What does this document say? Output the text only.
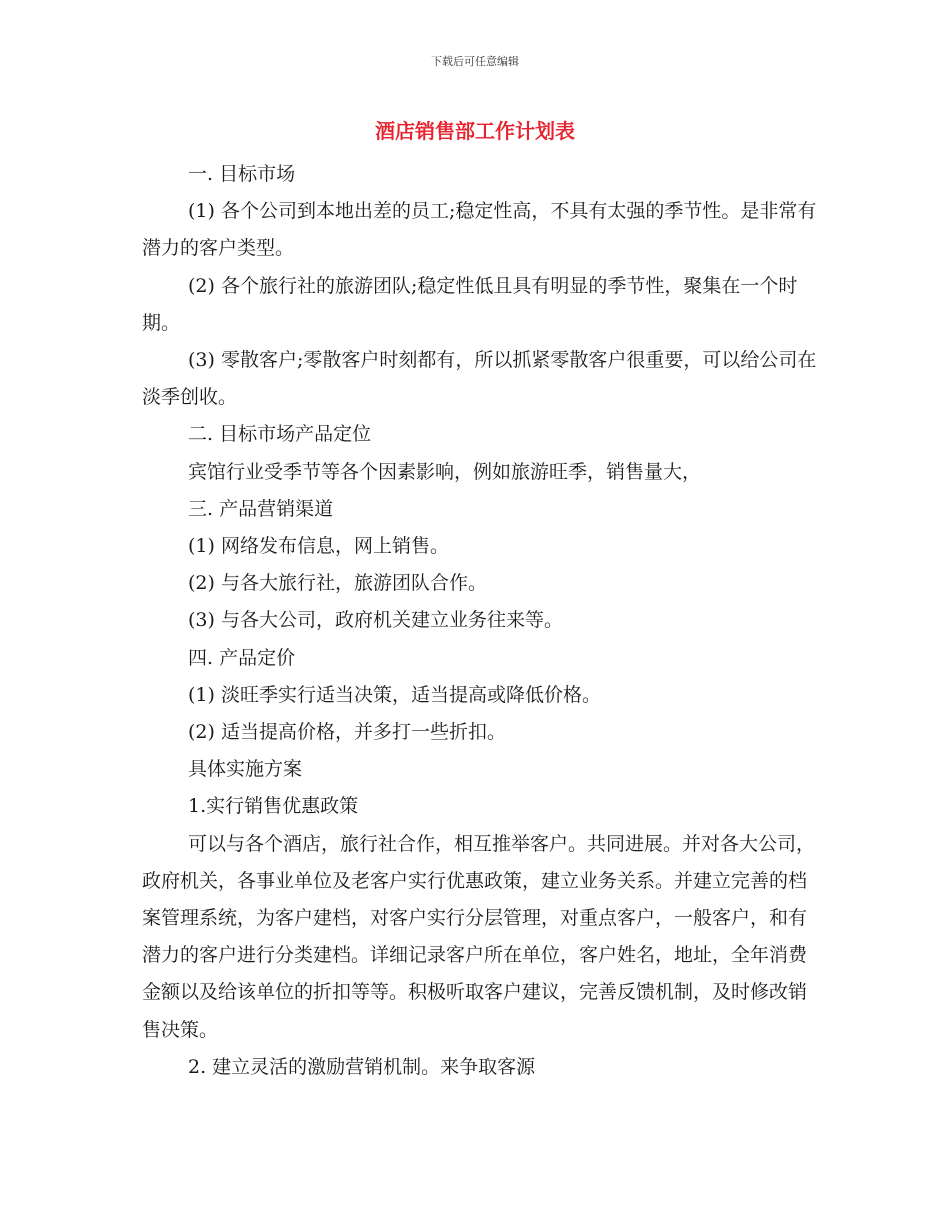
下载后可任意编辑
酒店销售部工作计划表

一. 目标市场

(1) 各个公司到本地出差的员工;稳定性高，不具有太强的季节性。是非常有潜力的客户类型。

(2) 各个旅行社的旅游团队;稳定性低且具有明显的季节性，聚集在一个时期。

(3) 零散客户;零散客户时刻都有，所以抓紧零散客户很重要，可以给公司在淡季创收。

二. 目标市场产品定位

宾馆行业受季节等各个因素影响，例如旅游旺季，销售量大，

三. 产品营销渠道

(1) 网络发布信息，网上销售。

(2) 与各大旅行社，旅游团队合作。

(3) 与各大公司，政府机关建立业务往来等。

四. 产品定价

(1) 淡旺季实行适当决策，适当提高或降低价格。

(2) 适当提高价格，并多打一些折扣。

具体实施方案

1.实行销售优惠政策

可以与各个酒店，旅行社合作，相互推举客户。共同进展。并对各大公司，政府机关，各事业单位及老客户实行优惠政策，建立业务关系。并建立完善的档案管理系统，为客户建档，对客户实行分层管理，对重点客户，一般客户，和有潜力的客户进行分类建档。详细记录客户所在单位，客户姓名，地址，全年消费金额以及给该单位的折扣等等。积极听取客户建议，完善反馈机制，及时修改销售决策。

2. 建立灵活的激励营销机制。来争取客源
